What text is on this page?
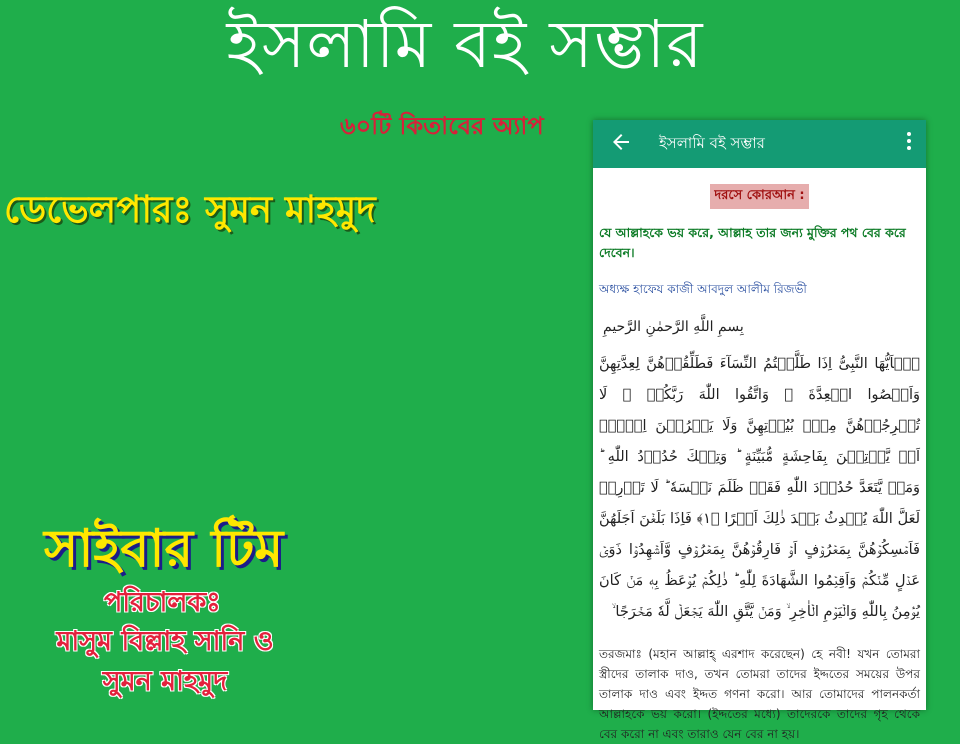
ইসলামি বই সম্ভার
৬০টি কিতাবের অ্যাপ
ডেভেলপারঃ সুমন মাহমুদ
সাইবার টিম
পরিচালকঃ
মাসুম বিল্লাহ সানি ও
সুমন মাহমুদ
ইসলামি বই সম্ভার
দরসে কোরআন :
যে আল্লাহকে ভয় করে, আল্লাহ তার জন্য মুক্তির পথ বের করে দেবেন।
অধ্যক্ষ হাফেয কাজী আবদুল আলীম রিজভী
بِسمِ اللَّهِ الرَّحمٰنِ الرَّحيمِ
يٰۤاَيُّهَا النَّبِىُّ اِذَا طَلَّقۡتُمُ النِّسَآءَ فَطَلِّقُوۡهُنَّ لِعِدَّتِهِنَّ وَاَحۡصُوا الۡعِدَّةَ ۚ وَاتَّقُوا اللّٰهَ رَبَّكُمۡ ۚ لَا تُخۡرِجُوۡهُنَّ مِنۡۢ بُيُوۡتِهِنَّ وَلَا يَخۡرُجۡنَ اِلَّاۤ اَنۡ يَّاۡتِيۡنَ بِفَاحِشَةٍ مُّبَيِّنَةٍ ؕ وَتِلۡكَ حُدُوۡدُ اللّٰهِ ؕ وَمَنۡ يَّتَعَدَّ حُدُوۡدَ اللّٰهِ فَقَدۡ ظَلَمَ نَفۡسَهٗ ؕ لَا تَدۡرِىۡ لَعَلَّ اللّٰهَ يُحۡدِثُ بَعۡدَ ذٰلِكَ اَمۡرًا ‏﴿۱﴾‏ فَاِذَا بَلَغۡنَ اَجَلَهُنَّ فَاَمۡسِكُوۡهُنَّ بِمَعۡرُوۡفٍ اَوۡ فَارِقُوۡهُنَّ بِمَعۡرُوۡفٍ وَّاَشۡهِدُوۡا ذَوَىۡ عَدۡلٍ مِّنۡكُمۡ وَاَقِيۡمُوا الشَّهَادَةَ لِلّٰهِ ؕ ذٰلِكُمۡ يُوۡعَظُ بِهٖ مَنۡ كَانَ يُؤۡمِنُ بِاللّٰهِ وَالۡيَوۡمِ الۡاٰخِرِ ۙ وَمَنۡ يَّتَّقِ اللّٰهَ يَجۡعَلۡ لَّهٗ مَخۡرَجًا ۙ
তরজমাঃ (মহান আল্লাহ্ এরশাদ করেছেন) হে নবী! যখন তোমরা স্ত্রীদের তালাক দাও, তখন তোমরা তাদের ইদ্দতের সময়ের উপর তালাক দাও এবং ইদ্দত গণনা করো। আর তোমাদের পালনকর্তা আল্লাহকে ভয় করো। (ইদ্দতের মধ্যে) তাদেরকে তাদের গৃহ থেকে বের করো না এবং তারাও যেন বের না হয়।
